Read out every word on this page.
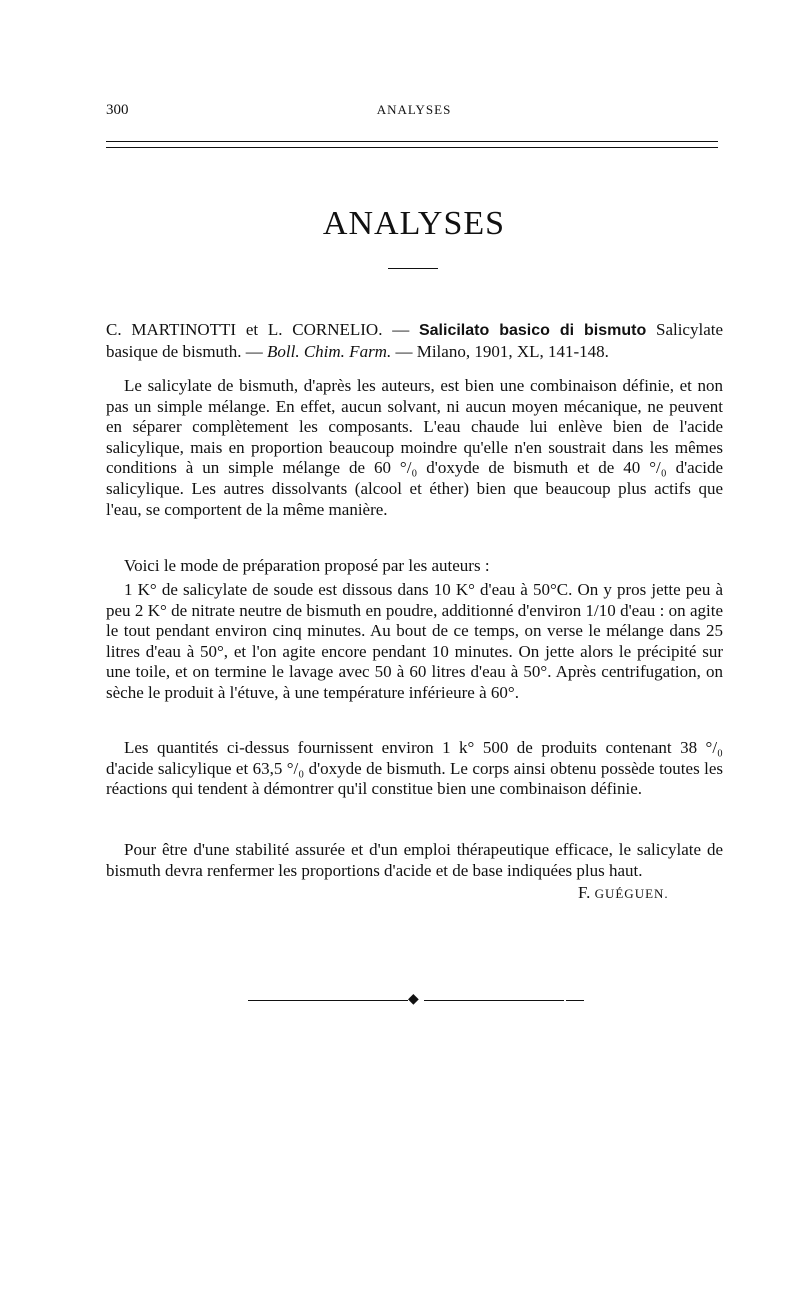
300	ANALYSES
ANALYSES
C. MARTINOTTI et L. CORNELIO. — Salicilato basico di bismuto Salicylate basique de bismuth. — Boll. Chim. Farm. — Milano, 1901, XL, 141-148.
Le salicylate de bismuth, d'après les auteurs, est bien une combinaison définie, et non pas un simple mélange. En effet, aucun solvant, ni aucun moyen mécanique, ne peuvent en séparer complètement les composants. L'eau chaude lui enlève bien de l'acide salicylique, mais en proportion beaucoup moindre qu'elle n'en soustrait dans les mêmes conditions à un simple mélange de 60 °/₀ d'oxyde de bismuth et de 40 °/₀ d'acide salicylique. Les autres dissolvants (alcool et éther) bien que beaucoup plus actifs que l'eau, se comportent de la même manière.
Voici le mode de préparation proposé par les auteurs :
1 K° de salicylate de soude est dissous dans 10 K° d'eau à 50°C. On y pros jette peu à peu 2 K° de nitrate neutre de bismuth en poudre, additionné d'environ 1/10 d'eau : on agite le tout pendant environ cinq minutes. Au bout de ce temps, on verse le mélange dans 25 litres d'eau à 50°, et l'on agite encore pendant 10 minutes. On jette alors le précipité sur une toile, et on termine le lavage avec 50 à 60 litres d'eau à 50°. Après centrifugation, on sèche le produit à l'étuve, à une température inférieure à 60°.
Les quantités ci-dessus fournissent environ 1 k° 500 de produits contenant 38 °/₀ d'acide salicylique et 63,5 °/₀ d'oxyde de bismuth. Le corps ainsi obtenu possède toutes les réactions qui tendent à démontrer qu'il constitue bien une combinaison définie.
Pour être d'une stabilité assurée et d'un emploi thérapeutique efficace, le salicylate de bismuth devra renfermer les proportions d'acide et de base indiquées plus haut.
F. GUÉGUEN.
◆
